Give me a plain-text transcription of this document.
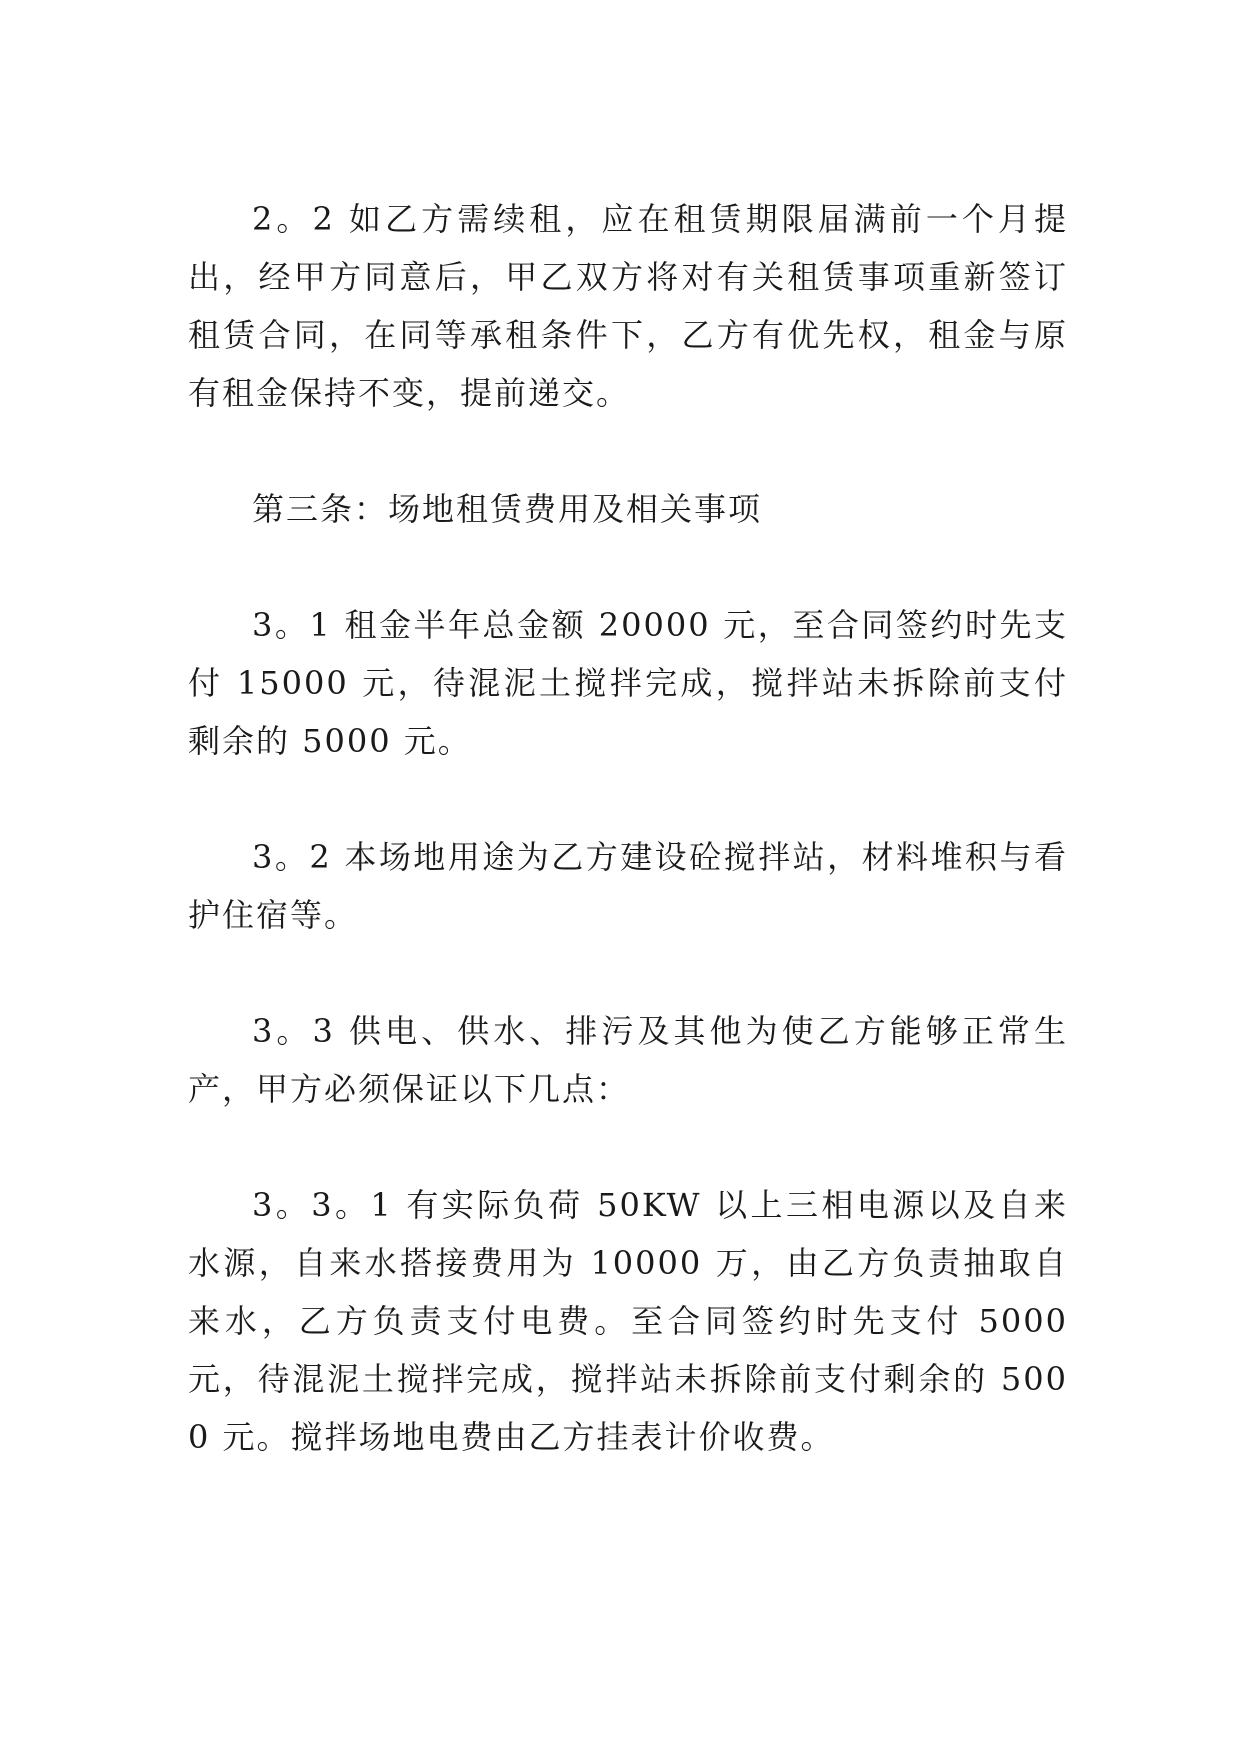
2。2 如乙方需续租，应在租赁期限届满前一个月提出，经甲方同意后，甲乙双方将对有关租赁事项重新签订租赁合同，在同等承租条件下，乙方有优先权，租金与原有租金保持不变，提前递交。

第三条：场地租赁费用及相关事项

3。1 租金半年总金额 20000 元，至合同签约时先支付 15000 元，待混泥土搅拌完成，搅拌站未拆除前支付剩余的 5000 元。

3。2 本场地用途为乙方建设砼搅拌站，材料堆积与看护住宿等。

3。3 供电、供水、排污及其他为使乙方能够正常生产，甲方必须保证以下几点：

3。3。1 有实际负荷 50KW 以上三相电源以及自来水源，自来水搭接费用为 10000 万，由乙方负责抽取自来水，乙方负责支付电费。至合同签约时先支付 5000 元，待混泥土搅拌完成，搅拌站未拆除前支付剩余的 5000 元。搅拌场地电费由乙方挂表计价收费。
